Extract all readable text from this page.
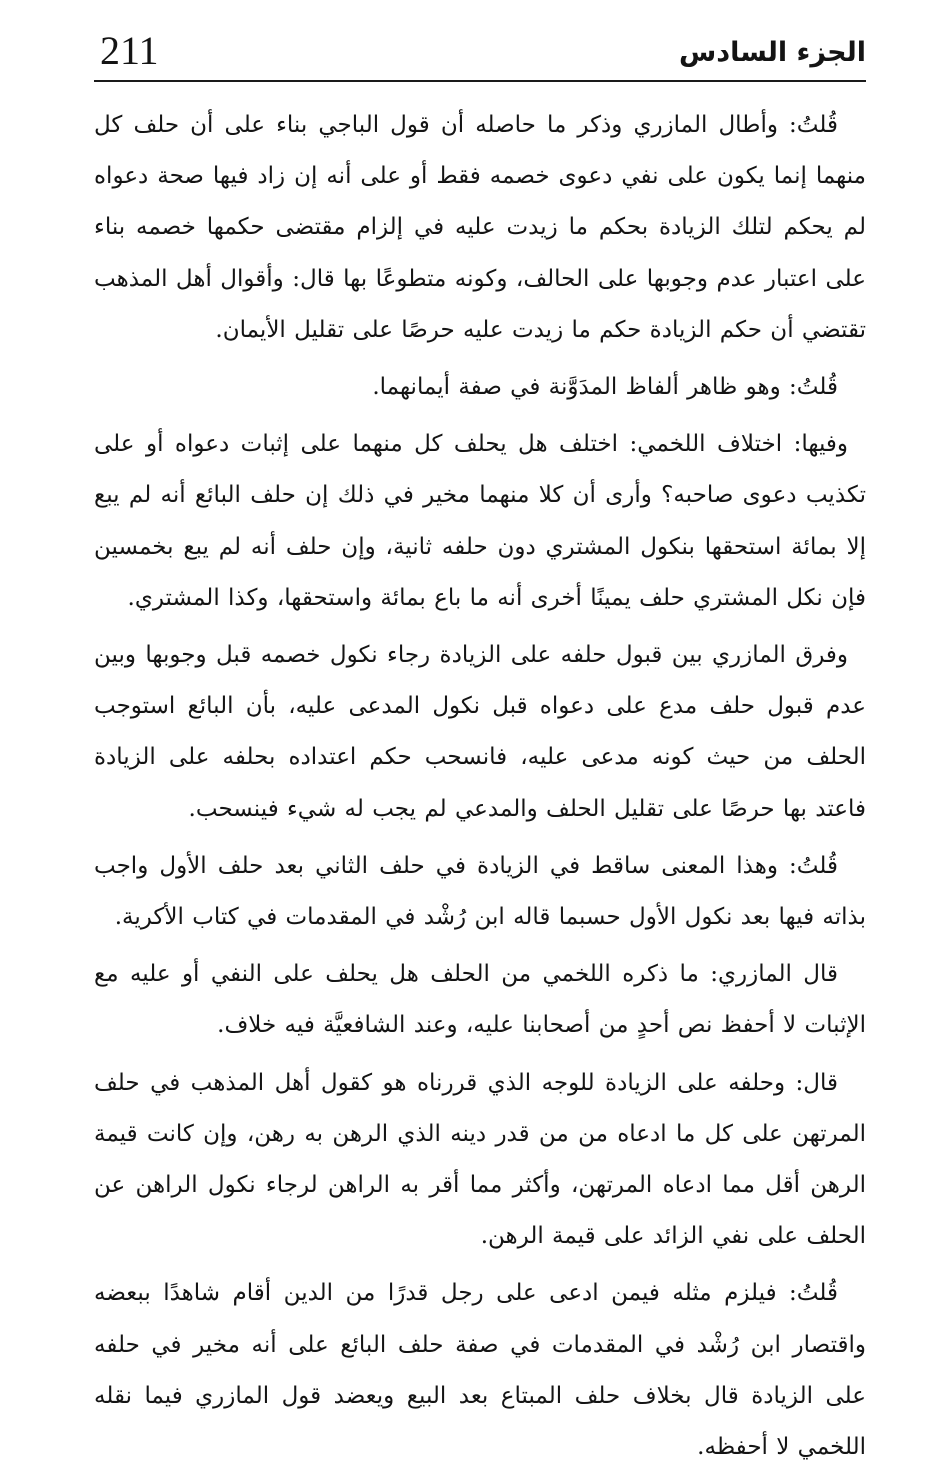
الجزء السادس
211

قُلتُ: وأطال المازري وذكر ما حاصله أن قول الباجي بناء على أن حلف كل منهما إنما يكون على نفي دعوى خصمه فقط أو على أنه إن زاد فيها صحة دعواه لم يحكم لتلك الزيادة بحكم ما زيدت عليه في إلزام مقتضى حكمها خصمه بناء على اعتبار عدم وجوبها على الحالف، وكونه متطوعًا بها قال: وأقوال أهل المذهب تقتضي أن حكم الزيادة حكم ما زيدت عليه حرصًا على تقليل الأيمان.

قُلتُ: وهو ظاهر ألفاظ المدَوَّنة في صفة أيمانهما.

وفيها: اختلاف اللخمي: اختلف هل يحلف كل منهما على إثبات دعواه أو على تكذيب دعوى صاحبه؟ وأرى أن كلا منهما مخير في ذلك إن حلف البائع أنه لم يبع إلا بمائة استحقها بنكول المشتري دون حلفه ثانية، وإن حلف أنه لم يبع بخمسين فإن نكل المشتري حلف يمينًا أخرى أنه ما باع بمائة واستحقها، وكذا المشتري.

وفرق المازري بين قبول حلفه على الزيادة رجاء نكول خصمه قبل وجوبها وبين عدم قبول حلف مدع على دعواه قبل نكول المدعى عليه، بأن البائع استوجب الحلف من حيث كونه مدعى عليه، فانسحب حكم اعتداده بحلفه على الزيادة فاعتد بها حرصًا على تقليل الحلف والمدعي لم يجب له شيء فينسحب.

قُلتُ: وهذا المعنى ساقط في الزيادة في حلف الثاني بعد حلف الأول واجب بذاته فيها بعد نكول الأول حسبما قاله ابن رُشْد في المقدمات في كتاب الأكرية.

قال المازري: ما ذكره اللخمي من الحلف هل يحلف على النفي أو عليه مع الإثبات لا أحفظ نص أحدٍ من أصحابنا عليه، وعند الشافعيَّة فيه خلاف.

قال: وحلفه على الزيادة للوجه الذي قررناه هو كقول أهل المذهب في حلف المرتهن على كل ما ادعاه من من قدر دينه الذي الرهن به رهن، وإن كانت قيمة الرهن أقل مما ادعاه المرتهن، وأكثر مما أقر به الراهن لرجاء نكول الراهن عن الحلف على نفي الزائد على قيمة الرهن.

قُلتُ: فيلزم مثله فيمن ادعى على رجل قدرًا من الدين أقام شاهدًا ببعضه واقتصار ابن رُشْد في المقدمات في صفة حلف البائع على أنه مخير في حلفه على الزيادة قال بخلاف حلف المبتاع بعد البيع ويعضد قول المازري فيما نقله اللخمي لا أحفظه.
